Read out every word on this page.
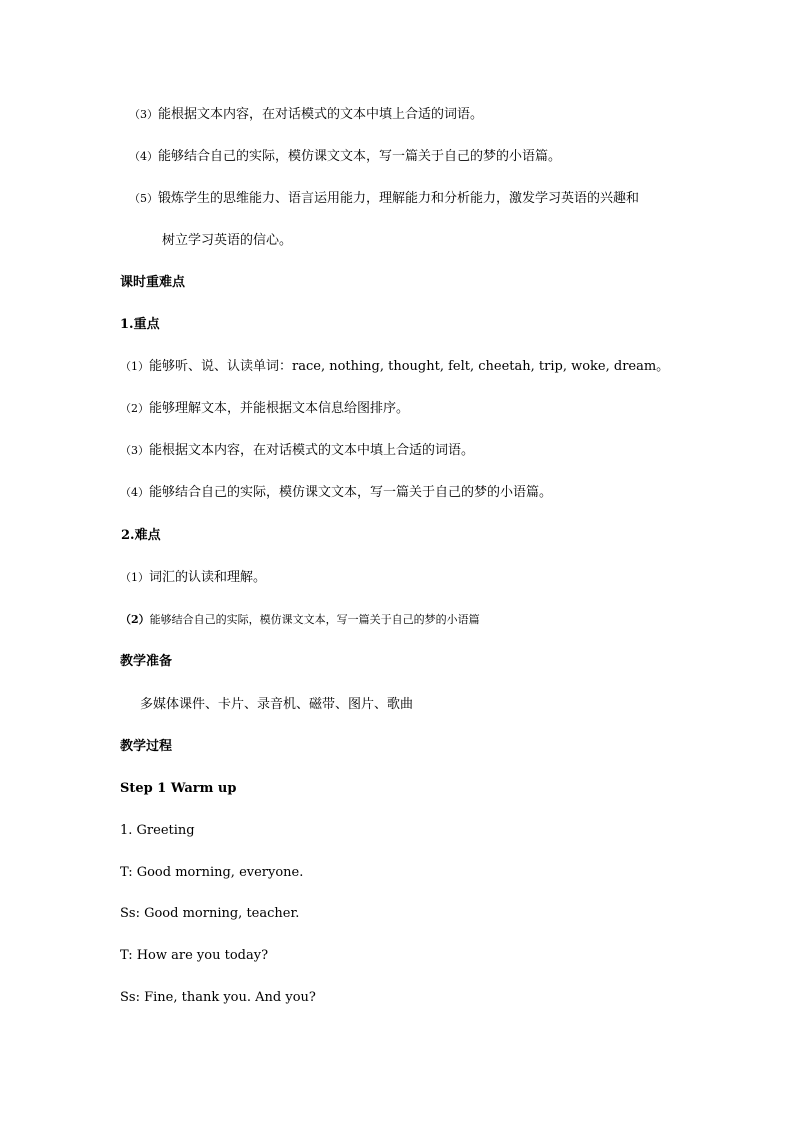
（3）能根据文本内容，在对话模式的文本中填上合适的词语。
（4）能够结合自己的实际，模仿课文文本，写一篇关于自己的梦的小语篇。
（5）锻炼学生的思维能力、语言运用能力，理解能力和分析能力，激发学习英语的兴趣和
树立学习英语的信心。
课时重难点
1.重点
（1）能够听、说、认读单词：race, nothing, thought, felt, cheetah, trip, woke, dream。
（2）能够理解文本，并能根据文本信息给图排序。
（3）能根据文本内容，在对话模式的文本中填上合适的词语。
（4）能够结合自己的实际，模仿课文文本，写一篇关于自己的梦的小语篇。
2.难点
（1）词汇的认读和理解。
（2）能够结合自己的实际，模仿课文文本，写一篇关于自己的梦的小语篇
教学准备
多媒体课件、卡片、录音机、磁带、图片、歌曲
教学过程
Step 1 Warm up
1. Greeting
T: Good morning, everyone.
Ss: Good morning, teacher.
T: How are you today?
Ss: Fine, thank you. And you?
